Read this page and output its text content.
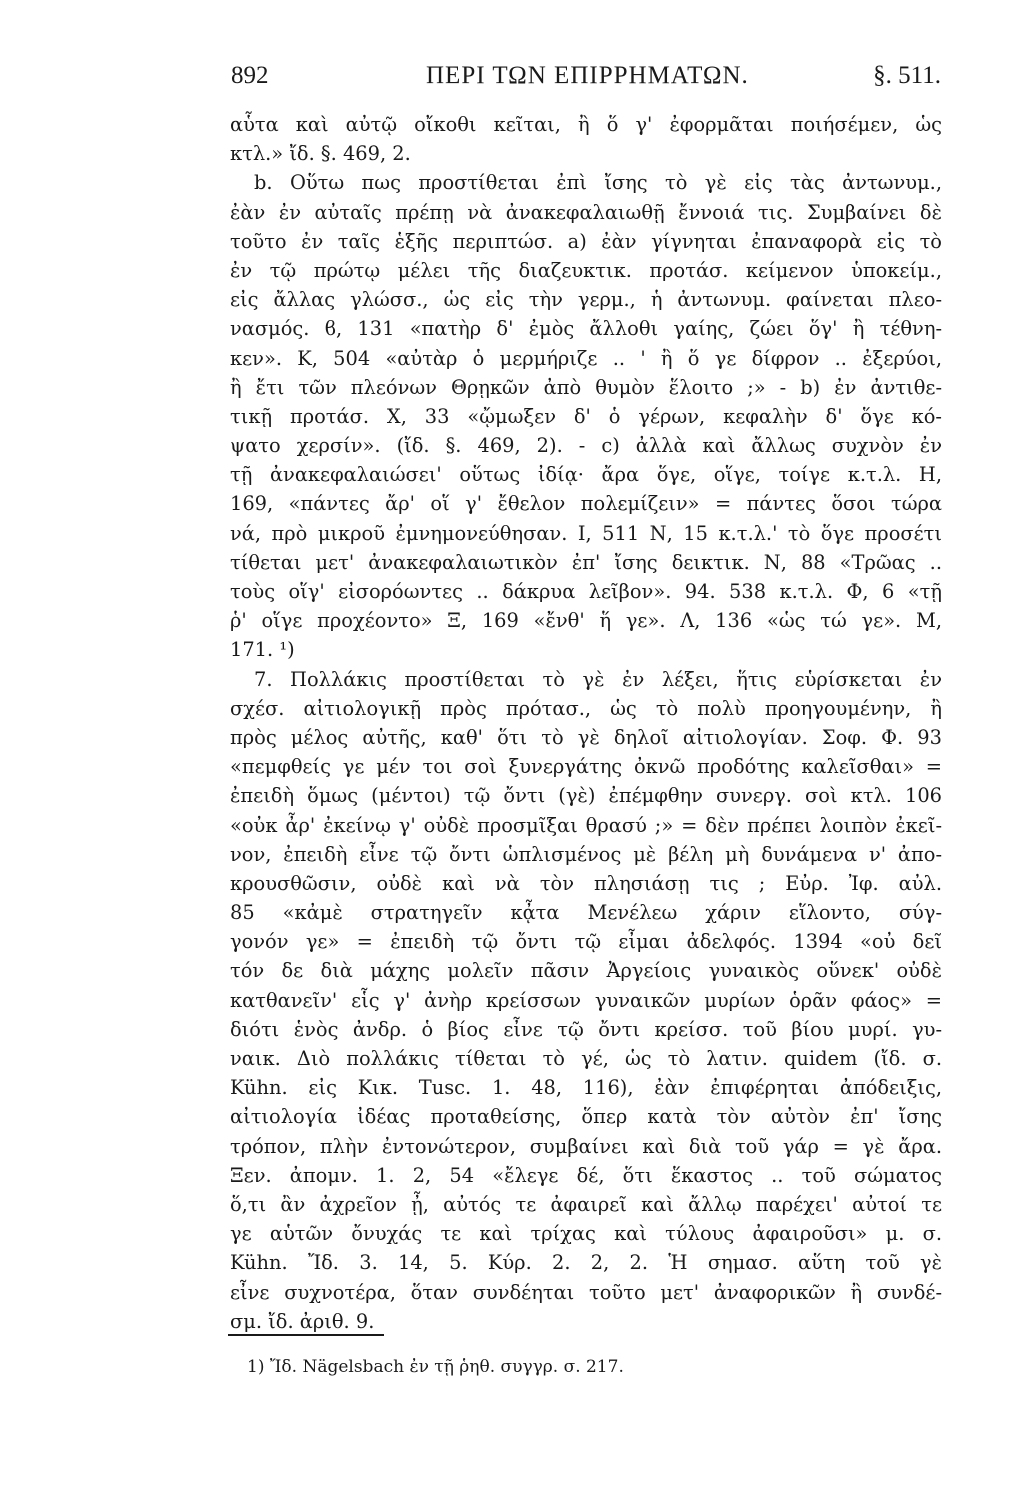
892	ΠΕΡΙ ΤΩΝ ΕΠΙΡΡΗΜΑΤΩΝ.	§. 511.
αὗτα καὶ αὐτῷ οἴκοθι κεῖται, ἢ ὅ γ' ἐφορμᾶται ποιήσέμεν, ὡς
κτλ.» ἴδ. §. 469, 2.
b. Οὕτω πως προστίθεται ἐπὶ ἴσης τὸ γὲ εἰς τὰς ἀντωνυμ.,
ἐὰν ἐν αὐταῖς πρέπῃ νὰ ἀνακεφαλαιωθῇ ἔννοιά τις. Συμβαίνει δὲ
τοῦτο ἐν ταῖς ἑξῆς περιπτώσ. a) ἐὰν γίγνηται ἐπαναφορὰ εἰς τὸ
ἐν τῷ πρώτῳ μέλει τῆς διαζευκτικ. προτάσ. κείμενον ὑποκείμ.,
εἰς ἄλλας γλώσσ., ὡς εἰς τὴν γερμ., ἡ ἀντωνυμ. φαίνεται πλεο-
νασμός. ϐ, 131 «πατὴρ δ' ἐμὸς ἄλλοθι γαίης, ζώει ὅγ' ἢ τέθνη-
κεν». Κ, 504 «αὐτὰρ ὁ μερμήριζε .. ' ἢ ὅ γε δίφρον .. ἐξερύοι,
ἢ ἔτι τῶν πλεόνων Θρῃκῶν ἀπὸ θυμὸν ἕλοιτο ;» - b) ἐν ἀντιθε-
τικῇ προτάσ. Χ, 33 «ᾤμωξεν δ' ὁ γέρων, κεφαλὴν δ' ὅγε κό-
ψατο χερσίν». (ἴδ. §. 469, 2). - c) ἀλλὰ καὶ ἄλλως συχνὸν ἐν
τῇ ἀνακεφαλαιώσει' οὕτως ἰδίᾳ· ἄρα ὅγε, οἵγε, τοίγε κ.τ.λ. Η,
169, «πάντες ἄρ' οἵ γ' ἔθελον πολεμίζειν» = πάντες ὅσοι τώρα
νά, πρὸ μικροῦ ἐμνημονεύθησαν. Ι, 511 Ν, 15 κ.τ.λ.' τὸ ὅγε προσέτι
τίθεται μετ' ἀνακεφαλαιωτικὸν ἐπ' ἴσης δεικτικ. Ν, 88 «Τρῶας ..
τοὺς οἵγ' εἰσορόωντες .. δάκρυα λεῖβον». 94. 538 κ.τ.λ. Φ, 6 «τῇ
ῥ' οἵγε προχέοντο» Ξ, 169 «ἔνθ' ἥ γε». Λ, 136 «ὡς τώ γε». Μ,
171. ¹)
7. Πολλάκις προστίθεται τὸ γὲ ἐν λέξει, ἥτις εὑρίσκεται ἐν
σχέσ. αἰτιολογικῇ πρὸς πρότασ., ὡς τὸ πολὺ προηγουμένην, ἢ
πρὸς μέλος αὐτῆς, καθ' ὅτι τὸ γὲ δηλοῖ αἰτιολογίαν. Σοφ. Φ. 93
«πεμφθείς γε μέν τοι σοὶ ξυνεργάτης ὀκνῶ προδότης καλεῖσθαι» =
ἐπειδὴ ὅμως (μέντοι) τῷ ὄντι (γὲ) ἐπέμφθην συνεργ. σοὶ κτλ. 106
«οὐκ ἆρ' ἐκείνῳ γ' οὐδὲ προσμῖξαι θρασύ ;» = δὲν πρέπει λοιπὸν ἐκεῖ-
νον, ἐπειδὴ εἶνε τῷ ὄντι ὡπλισμένος μὲ βέλη μὴ δυνάμενα ν' ἀπο-
κρουσθῶσιν, οὐδὲ καὶ νὰ τὸν πλησιάσῃ τις ; Εὐρ. Ἰφ. αὐλ.
85 «κἀμὲ στρατηγεῖν κᾆτα Μενέλεω χάριν εἵλοντο, σύγ-
γονόν γε» = ἐπειδὴ τῷ ὄντι τῷ εἶμαι ἀδελφός. 1394 «οὐ δεῖ
τόν δε διὰ μάχης μολεῖν πᾶσιν Ἀργείοις γυναικὸς οὕνεκ' οὐδὲ
κατθανεῖν' εἷς γ' ἀνὴρ κρείσσων γυναικῶν μυρίων ὁρᾶν φάος» =
διότι ἑνὸς ἀνδρ. ὁ βίος εἶνε τῷ ὄντι κρείσσ. τοῦ βίου μυρί. γυ-
ναικ. Διὸ πολλάκις τίθεται τὸ γέ, ὡς τὸ λατιν. quidem (ἴδ. σ.
Kühn. εἰς Κικ. Tusc. 1. 48, 116), ἐὰν ἐπιφέρηται ἀπόδειξις,
αἰτιολογία ἰδέας προταθείσης, ὅπερ κατὰ τὸν αὐτὸν ἐπ' ἴσης
τρόπον, πλὴν ἐντονώτερον, συμβαίνει καὶ διὰ τοῦ γάρ = γὲ ἄρα.
Ξεν. ἀπομν. 1. 2, 54 «ἔλεγε δέ, ὅτι ἕκαστος .. τοῦ σώματος
ὅ,τι ἂν ἀχρεῖον ᾖ, αὐτός τε ἀφαιρεῖ καὶ ἄλλῳ παρέχει' αὐτοί τε
γε αὑτῶν ὄνυχάς τε καὶ τρίχας καὶ τύλους ἀφαιροῦσι» μ. σ.
Kühn. Ἴδ. 3. 14, 5. Κύρ. 2. 2, 2. Ἡ σημασ. αὕτη τοῦ γὲ
εἶνε συχνοτέρα, ὅταν συνδέηται τοῦτο μετ' ἀναφορικῶν ἢ συνδέ-
σμ. ἴδ. ἀριθ. 9.
1) Ἴδ. Nägelsbach ἐν τῇ ῥηθ. συγγρ. σ. 217.
